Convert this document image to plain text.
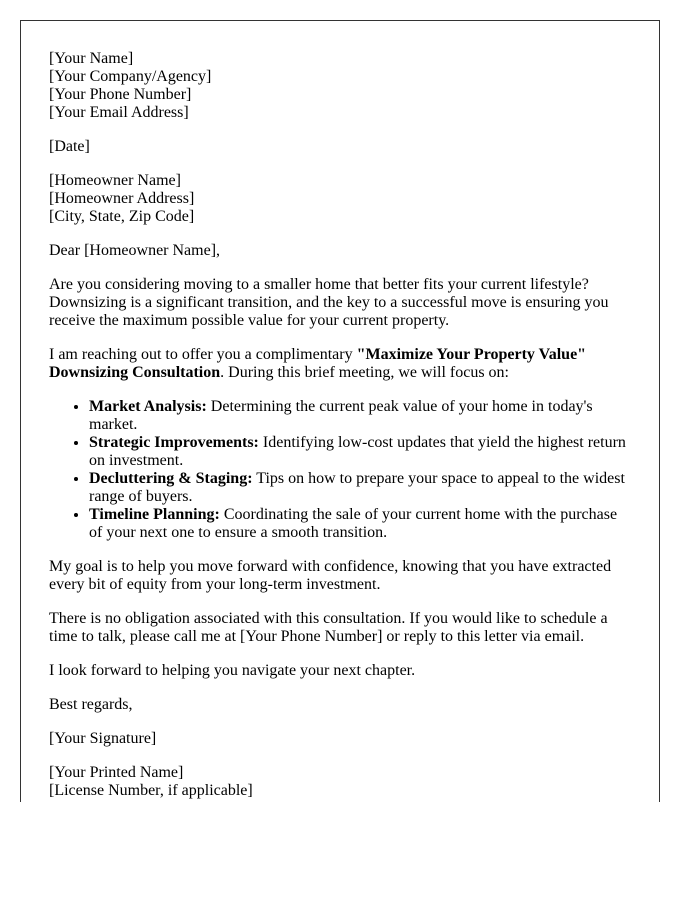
[Your Name]
[Your Company/Agency]
[Your Phone Number]
[Your Email Address]

[Date]

[Homeowner Name]
[Homeowner Address]
[City, State, Zip Code]

Dear [Homeowner Name],

Are you considering moving to a smaller home that better fits your current lifestyle? Downsizing is a significant transition, and the key to a successful move is ensuring you receive the maximum possible value for your current property.

I am reaching out to offer you a complimentary "Maximize Your Property Value" Downsizing Consultation. During this brief meeting, we will focus on:

• Market Analysis: Determining the current peak value of your home in today's market.
• Strategic Improvements: Identifying low-cost updates that yield the highest return on investment.
• Decluttering & Staging: Tips on how to prepare your space to appeal to the widest range of buyers.
• Timeline Planning: Coordinating the sale of your current home with the purchase of your next one to ensure a smooth transition.

My goal is to help you move forward with confidence, knowing that you have extracted every bit of equity from your long-term investment.

There is no obligation associated with this consultation. If you would like to schedule a time to talk, please call me at [Your Phone Number] or reply to this letter via email.

I look forward to helping you navigate your next chapter.

Best regards,

[Your Signature]

[Your Printed Name]
[License Number, if applicable]
